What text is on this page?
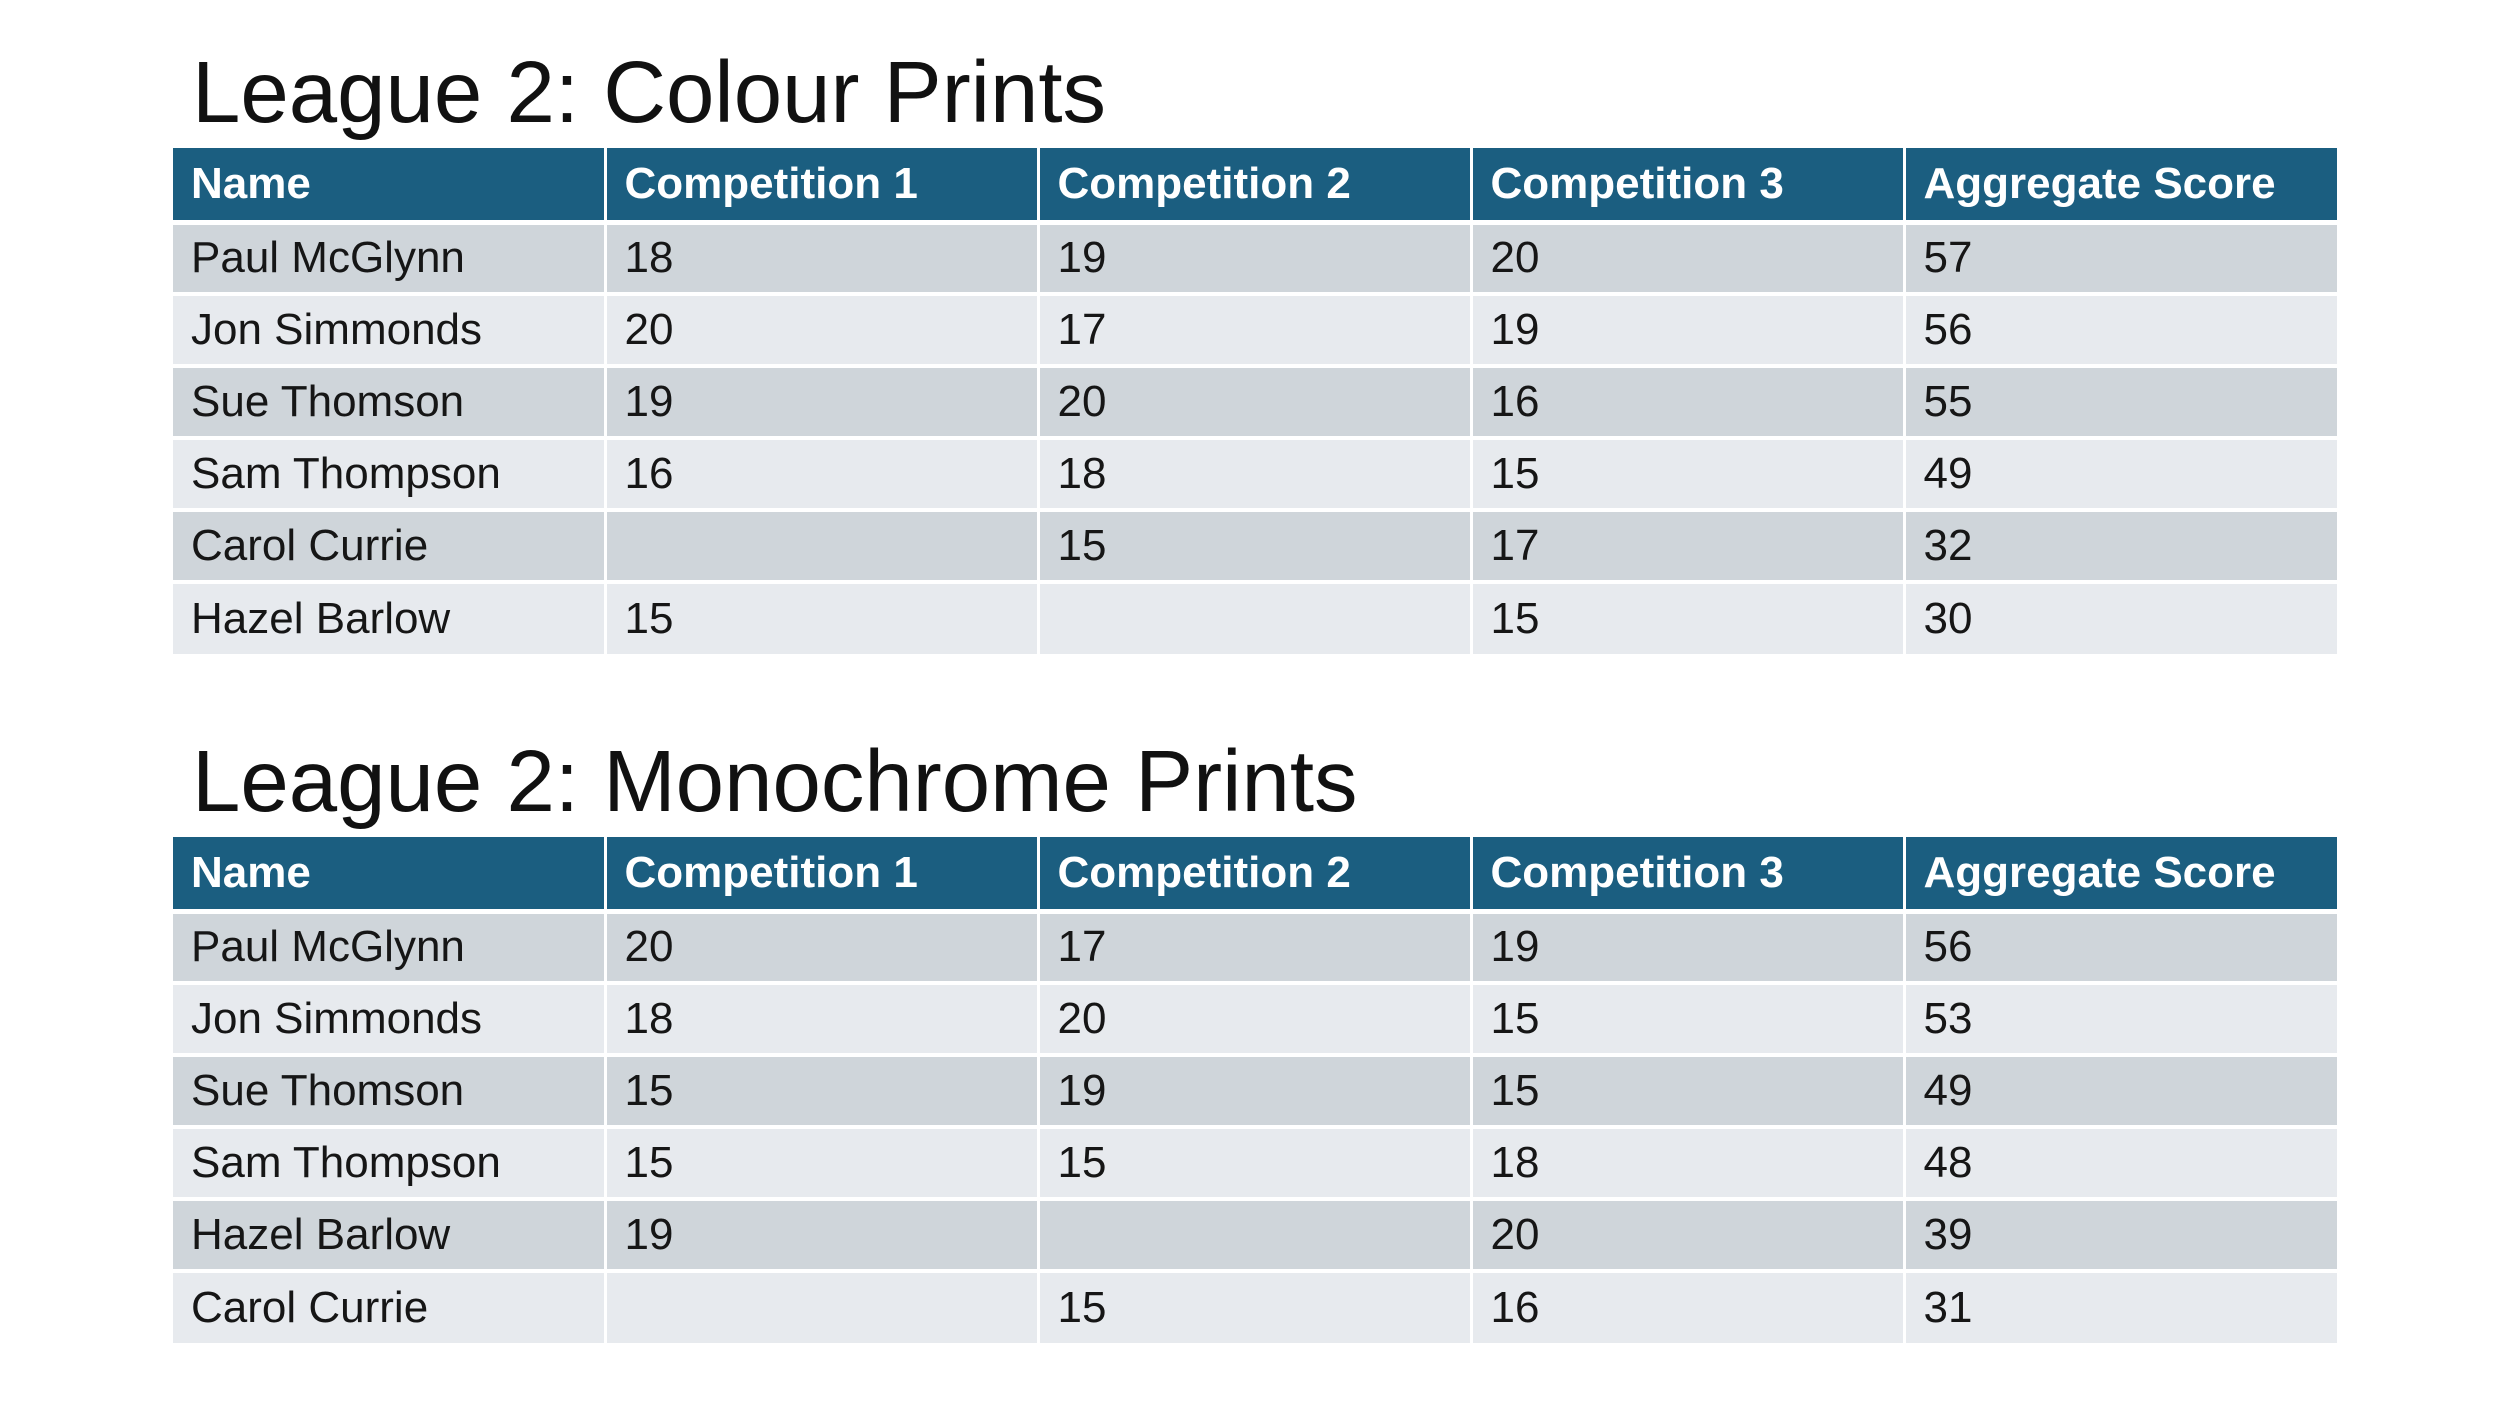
League 2: Colour Prints
Name	Competition 1	Competition 2	Competition 3	Aggregate Score
Paul McGlynn	18	19	20	57
Jon Simmonds	20	17	19	56
Sue Thomson	19	20	16	55
Sam Thompson	16	18	15	49
Carol Currie		15	17	32
Hazel Barlow	15		15	30
League 2: Monochrome Prints
Name	Competition 1	Competition 2	Competition 3	Aggregate Score
Paul McGlynn	20	17	19	56
Jon Simmonds	18	20	15	53
Sue Thomson	15	19	15	49
Sam Thompson	15	15	18	48
Hazel Barlow	19		20	39
Carol Currie		15	16	31
